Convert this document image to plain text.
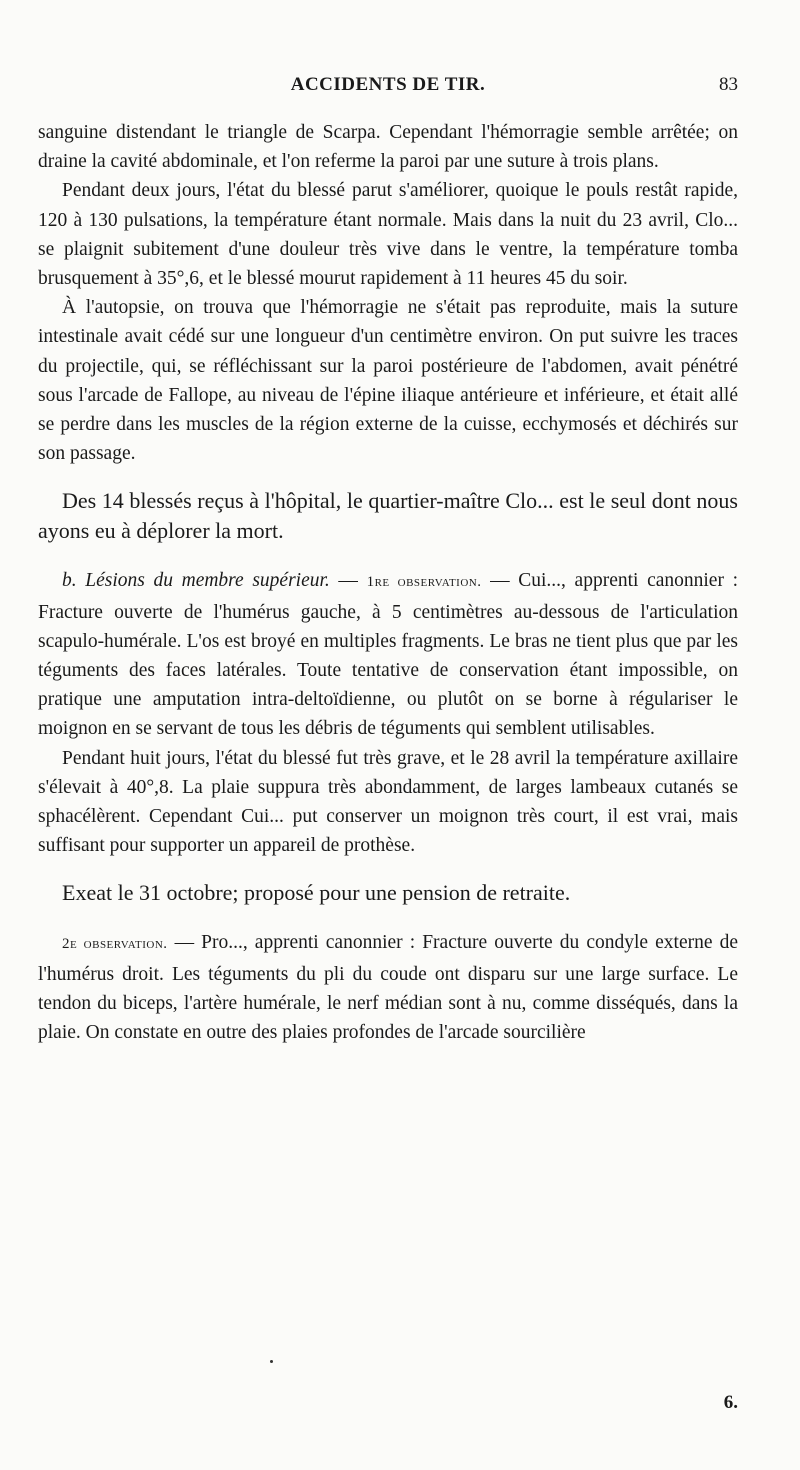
ACCIDENTS DE TIR.	83

sanguine distendant le triangle de Scarpa. Cependant l'hémorragie semble arrêtée; on draine la cavité abdominale, et l'on referme la paroi par une suture à trois plans.

Pendant deux jours, l'état du blessé parut s'améliorer, quoique le pouls restât rapide, 120 à 130 pulsations, la température étant normale. Mais dans la nuit du 23 avril, Clo... se plaignit subitement d'une douleur très vive dans le ventre, la température tomba brusquement à 35°,6, et le blessé mourut rapidement à 11 heures 45 du soir.

À l'autopsie, on trouva que l'hémorragie ne s'était pas reproduite, mais la suture intestinale avait cédé sur une longueur d'un centimètre environ. On put suivre les traces du projectile, qui, se réfléchissant sur la paroi postérieure de l'abdomen, avait pénétré sous l'arcade de Fallope, au niveau de l'épine iliaque antérieure et inférieure, et était allé se perdre dans les muscles de la région externe de la cuisse, ecchymosés et déchirés sur son passage.

Des 14 blessés reçus à l'hôpital, le quartier-maître Clo... est le seul dont nous ayons eu à déplorer la mort.

b. Lésions du membre supérieur. — 1re observation. — Cui..., apprenti canonnier : Fracture ouverte de l'humérus gauche, à 5 centimètres au-dessous de l'articulation scapulo-humérale. L'os est broyé en multiples fragments. Le bras ne tient plus que par les téguments des faces latérales. Toute tentative de conservation étant impossible, on pratique une amputation intra-deltoïdienne, ou plutôt on se borne à régulariser le moignon en se servant de tous les débris de téguments qui semblent utilisables.

Pendant huit jours, l'état du blessé fut très grave, et le 28 avril la température axillaire s'élevait à 40°,8. La plaie suppura très abondamment, de larges lambeaux cutanés se sphacélèrent. Cependant Cui... put conserver un moignon très court, il est vrai, mais suffisant pour supporter un appareil de prothèse.

Exeat le 31 octobre; proposé pour une pension de retraite.

2e observation. — Pro..., apprenti canonnier : Fracture ouverte du condyle externe de l'humérus droit. Les téguments du pli du coude ont disparu sur une large surface. Le tendon du biceps, l'artère humérale, le nerf médian sont à nu, comme disséqués, dans la plaie. On constate en outre des plaies profondes de l'arcade sourcilière

6.
